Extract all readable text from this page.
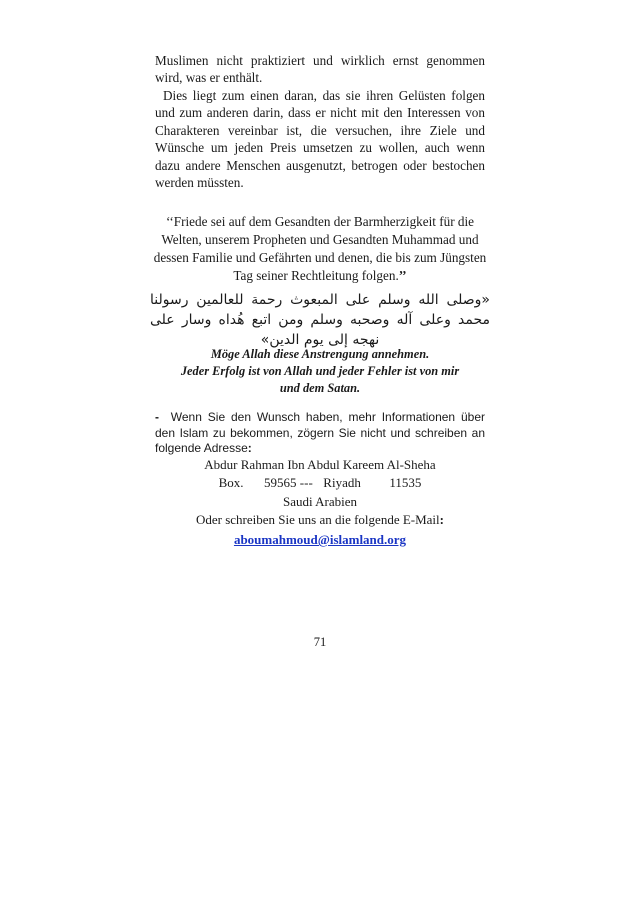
Muslimen nicht praktiziert und wirklich ernst genommen wird, was er enthält.
Dies liegt zum einen daran, das sie ihren Gelüsten folgen und zum anderen darin, dass er nicht mit den Interessen von Charakteren vereinbar ist, die versuchen, ihre Ziele und Wünsche um jeden Preis umsetzen zu wollen, auch wenn dazu andere Menschen ausgenutzt, betrogen oder bestochen werden müssten.
‘‘Friede sei auf dem Gesandten der Barmherzigkeit für die Welten, unserem Propheten und Gesandten Muhammad und dessen Familie und Gefährten und denen, die bis zum Jüngsten Tag seiner Rechtleitung folgen.’’
«وصلى الله وسلم على المبعوث رحمة للعالمين رسولنا محمد وعلى آله وصحبه وسلم ومن اتبع هُداه وسار على نهجه إلى يوم الدين»
Möge Allah diese Anstrengung annehmen.
Jeder Erfolg ist von Allah und jeder Fehler ist von mir
und dem Satan.
- Wenn Sie den Wunsch haben, mehr Informationen über den Islam zu bekommen, zögern Sie nicht und schreiben an folgende Adresse:
Abdur Rahman Ibn Abdul Kareem Al-Sheha
Box. 59565 --- Riyadh 11535
Saudi Arabien
Oder schreiben Sie uns an die folgende E-Mail:
aboumahmoud@islamland.org
71
